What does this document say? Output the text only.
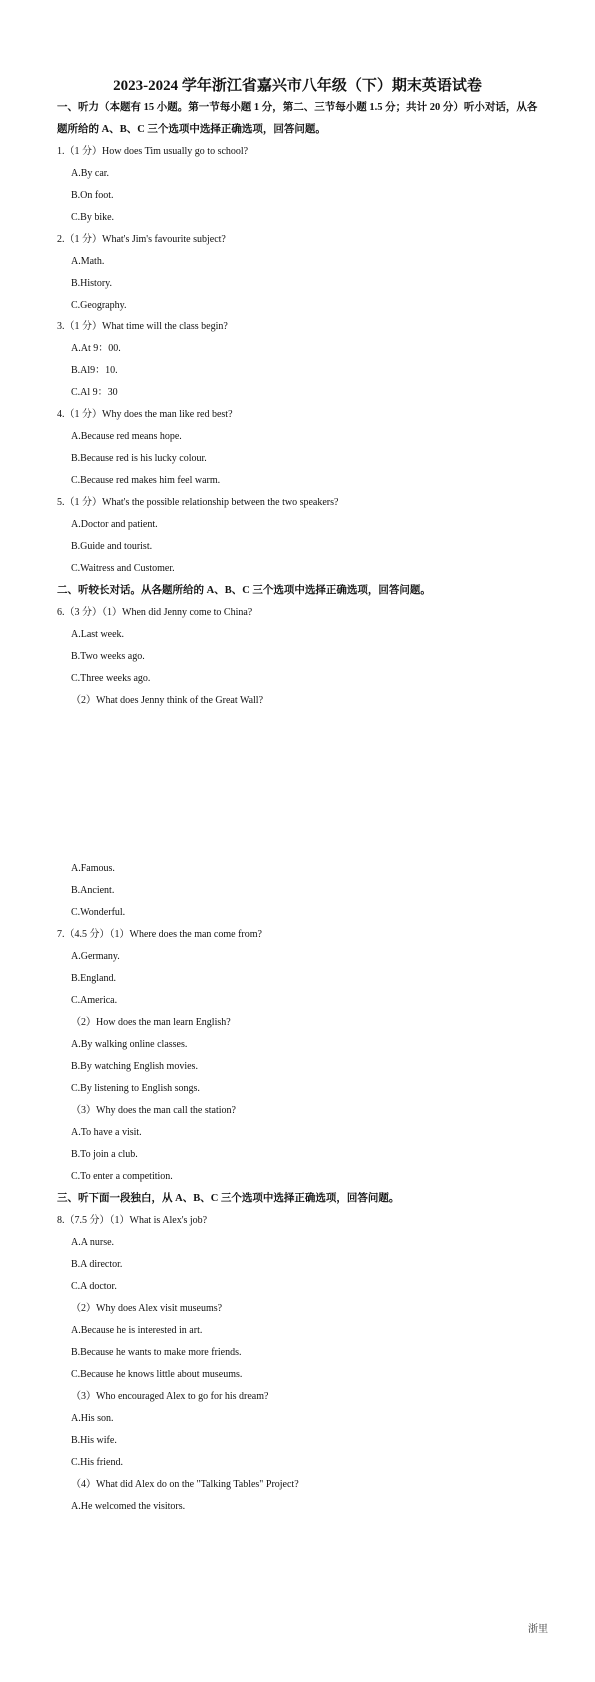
2023-2024 学年浙江省嘉兴市八年级（下）期末英语试卷
一、听力（本题有 15 小题。第一节每小题 1 分，第二、三节每小题 1.5 分；共计 20 分）听小对话，从各
题所给的 A、B、C 三个选项中选择正确选项，回答问题。
1.（1 分）How does Tim usually go to school?
A.By car.
B.On foot.
C.By bike.
2.（1 分）What's Jim's favourite subject?
A.Math.
B.History.
C.Geography.
3.（1 分）What time will the class begin?
A.At 9：00.
B.Al9：10.
C.Al 9：30
4.（1 分）Why does the man like red best?
A.Because red means hope.
B.Because red is his lucky colour.
C.Because red makes him feel warm.
5.（1 分）What's the possible relationship between the two speakers?
A.Doctor and patient.
B.Guide and tourist.
C.Waitress and Customer.
二、听较长对话。从各题所给的 A、B、C 三个选项中选择正确选项，回答问题。
6.（3 分）（1）When did Jenny come to China?
A.Last week.
B.Two weeks ago.
C.Three weeks ago.
（2）What does Jenny think of the Great Wall?
A.Famous.
B.Ancient.
C.Wonderful.
7.（4.5 分）（1）Where does the man come from?
A.Germany.
B.England.
C.America.
（2）How does the man learn English?
A.By walking online classes.
B.By watching English movies.
C.By listening to English songs.
（3）Why does the man call the station?
A.To have a visit.
B.To join a club.
C.To enter a competition.
三、听下面一段独白，从 A、B、C 三个选项中选择正确选项，回答问题。
8.（7.5 分）（1）What is Alex's job?
A.A nurse.
B.A director.
C.A doctor.
（2）Why does Alex visit museums?
A.Because he is interested in art.
B.Because he wants to make more friends.
C.Because he knows little about museums.
（3）Who encouraged Alex to go for his dream?
A.His son.
B.His wife.
C.His friend.
（4）What did Alex do on the "Talking Tables" Project?
A.He welcomed the visitors.
浙里
